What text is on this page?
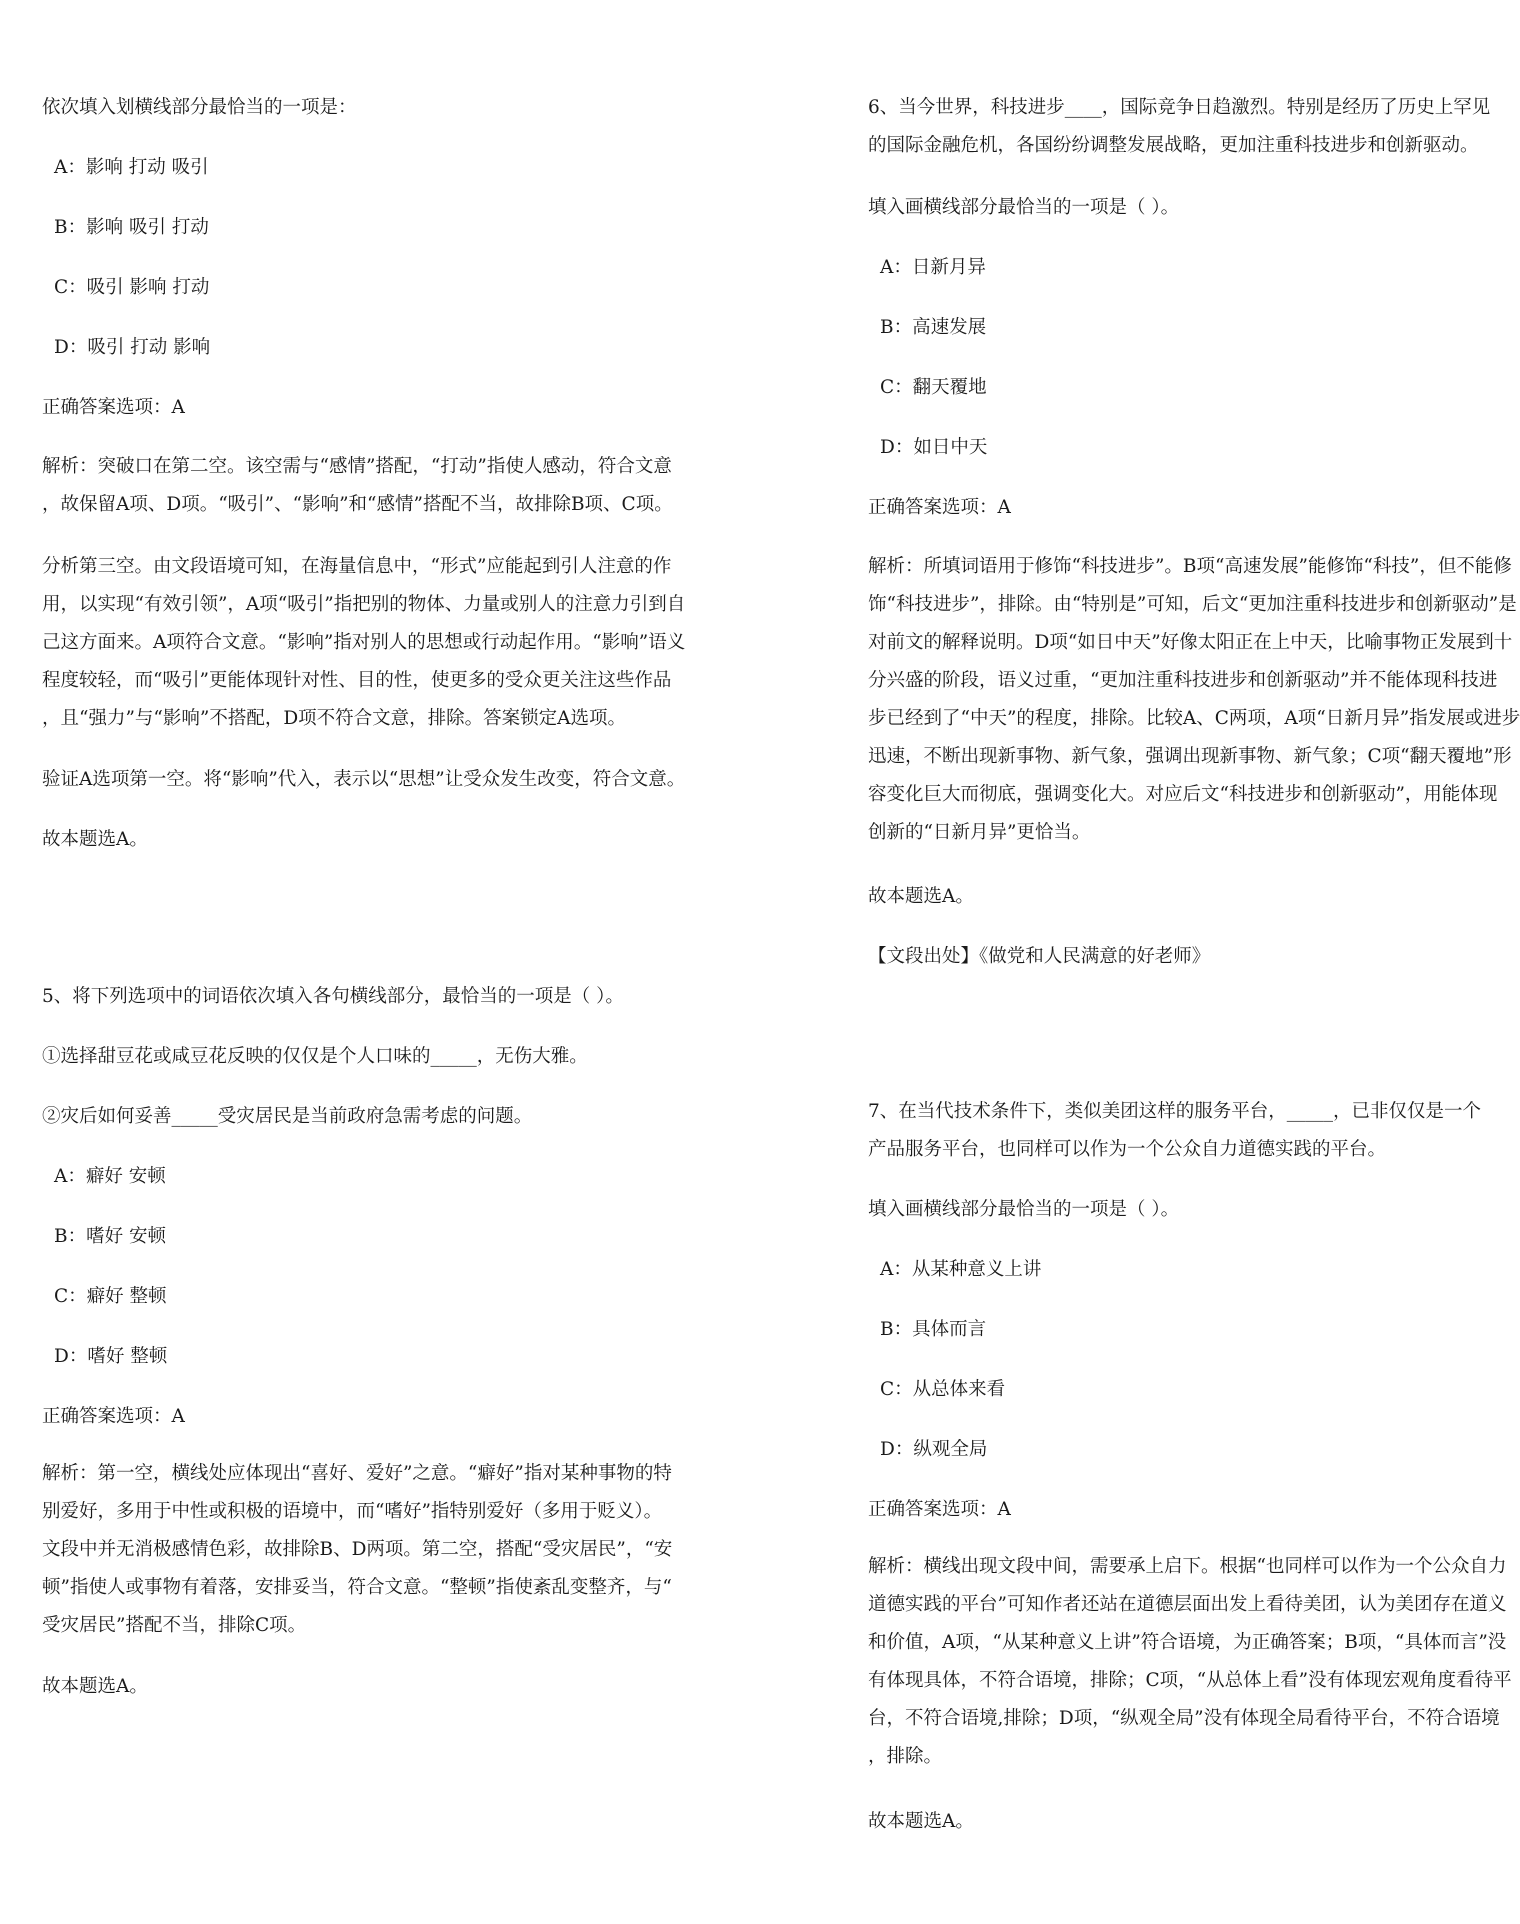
依次填入划横线部分最恰当的一项是：
A：影响 打动 吸引
B：影响 吸引 打动
C：吸引 影响 打动
D：吸引 打动 影响
正确答案选项：A
解析：突破口在第二空。该空需与“感情”搭配，“打动”指使人感动，符合文意
，故保留A项、D项。“吸引”、“影响”和“感情”搭配不当，故排除B项、C项。
分析第三空。由文段语境可知，在海量信息中，“形式”应能起到引人注意的作
用，以实现“有效引领”，A项“吸引”指把别的物体、力量或别人的注意力引到自
己这方面来。A项符合文意。“影响”指对别人的思想或行动起作用。“影响”语义
程度较轻，而“吸引”更能体现针对性、目的性，使更多的受众更关注这些作品
，且“强力”与“影响”不搭配，D项不符合文意，排除。答案锁定A选项。
验证A选项第一空。将“影响”代入，表示以“思想”让受众发生改变，符合文意。
故本题选A。
5、将下列选项中的词语依次填入各句横线部分，最恰当的一项是（ ）。
①选择甜豆花或咸豆花反映的仅仅是个人口味的_____，无伤大雅。
②灾后如何妥善_____受灾居民是当前政府急需考虑的问题。
A：癖好 安顿
B：嗜好 安顿
C：癖好 整顿
D：嗜好 整顿
正确答案选项：A
解析：第一空，横线处应体现出“喜好、爱好”之意。“癖好”指对某种事物的特
别爱好，多用于中性或积极的语境中，而“嗜好”指特别爱好（多用于贬义）。
文段中并无消极感情色彩，故排除B、D两项。第二空，搭配“受灾居民”，“安
顿”指使人或事物有着落，安排妥当，符合文意。“整顿”指使紊乱变整齐，与“
受灾居民”搭配不当，排除C项。
故本题选A。
6、当今世界，科技进步____，国际竞争日趋激烈。特别是经历了历史上罕见
的国际金融危机，各国纷纷调整发展战略，更加注重科技进步和创新驱动。
填入画横线部分最恰当的一项是（ ）。
A：日新月异
B：高速发展
C：翻天覆地
D：如日中天
正确答案选项：A
解析：所填词语用于修饰“科技进步”。B项“高速发展”能修饰“科技”，但不能修
饰“科技进步”，排除。由“特别是”可知，后文“更加注重科技进步和创新驱动”是
对前文的解释说明。D项“如日中天”好像太阳正在上中天，比喻事物正发展到十
分兴盛的阶段，语义过重，“更加注重科技进步和创新驱动”并不能体现科技进
步已经到了“中天”的程度，排除。比较A、C两项，A项“日新月异”指发展或进步
迅速，不断出现新事物、新气象，强调出现新事物、新气象；C项“翻天覆地”形
容变化巨大而彻底，强调变化大。对应后文“科技进步和创新驱动”，用能体现
创新的“日新月异”更恰当。
故本题选A。
【文段出处】《做党和人民满意的好老师》
7、在当代技术条件下，类似美团这样的服务平台，_____，已非仅仅是一个
产品服务平台，也同样可以作为一个公众自力道德实践的平台。
填入画横线部分最恰当的一项是（ ）。
A：从某种意义上讲
B：具体而言
C：从总体来看
D：纵观全局
正确答案选项：A
解析：横线出现文段中间，需要承上启下。根据“也同样可以作为一个公众自力
道德实践的平台”可知作者还站在道德层面出发上看待美团，认为美团存在道义
和价值，A项，“从某种意义上讲”符合语境，为正确答案；B项，“具体而言”没
有体现具体，不符合语境，排除；C项，“从总体上看”没有体现宏观角度看待平
台，不符合语境,排除；D项，“纵观全局”没有体现全局看待平台，不符合语境
，排除。
故本题选A。
